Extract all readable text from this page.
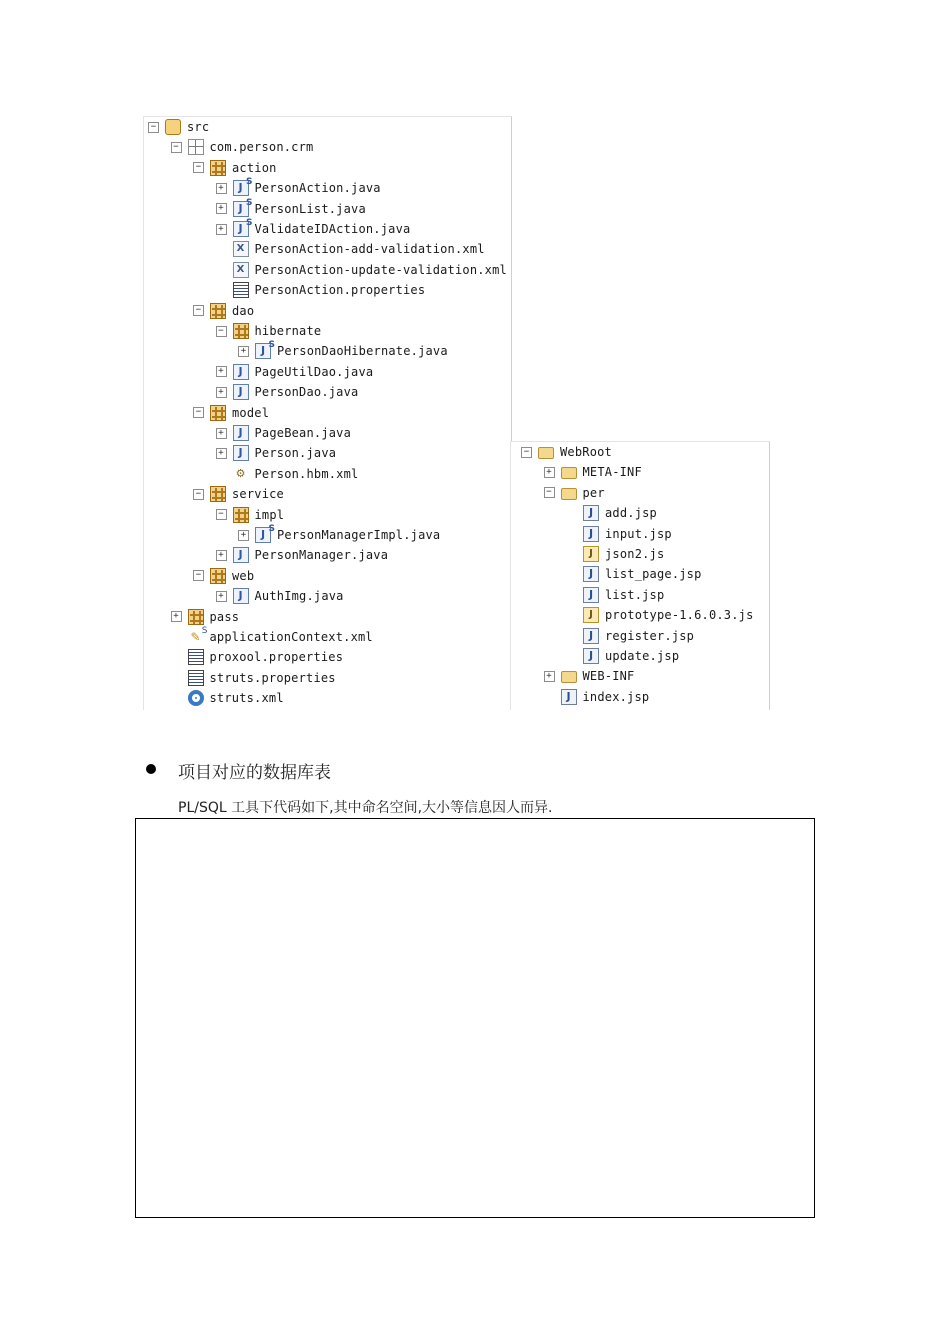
−	src
−	com.person.crm
−	action
+	J S PersonAction.java
+	J S PersonList.java
+	J S ValidateIDAction.java
X PersonAction-add-validation.xml
X PersonAction-update-validation.xml
PersonAction.properties
−	dao
−	hibernate
+	J S PersonDaoHibernate.java
+	J PageUtilDao.java
+	J PersonDao.java
−	model
+	J PageBean.java
+	J Person.java
⚙ Person.hbm.xml
−	service
−	impl
+	J S PersonManagerImpl.java
+	J PersonManager.java
−	web
+	J AuthImg.java
+	pass
✎ S applicationContext.xml
proxool.properties
struts.properties
struts.xml
−	WebRoot
+	META-INF
−	per
J add.jsp
J input.jsp
J	json2.js
J list_page.jsp
J list.jsp
J	prototype-1.6.0.3.js
J register.jsp
J update.jsp
+	WEB-INF
J index.jsp
项目对应的数据库表
PL/SQL 工具下代码如下,其中命名空间,大小等信息因人而异.
